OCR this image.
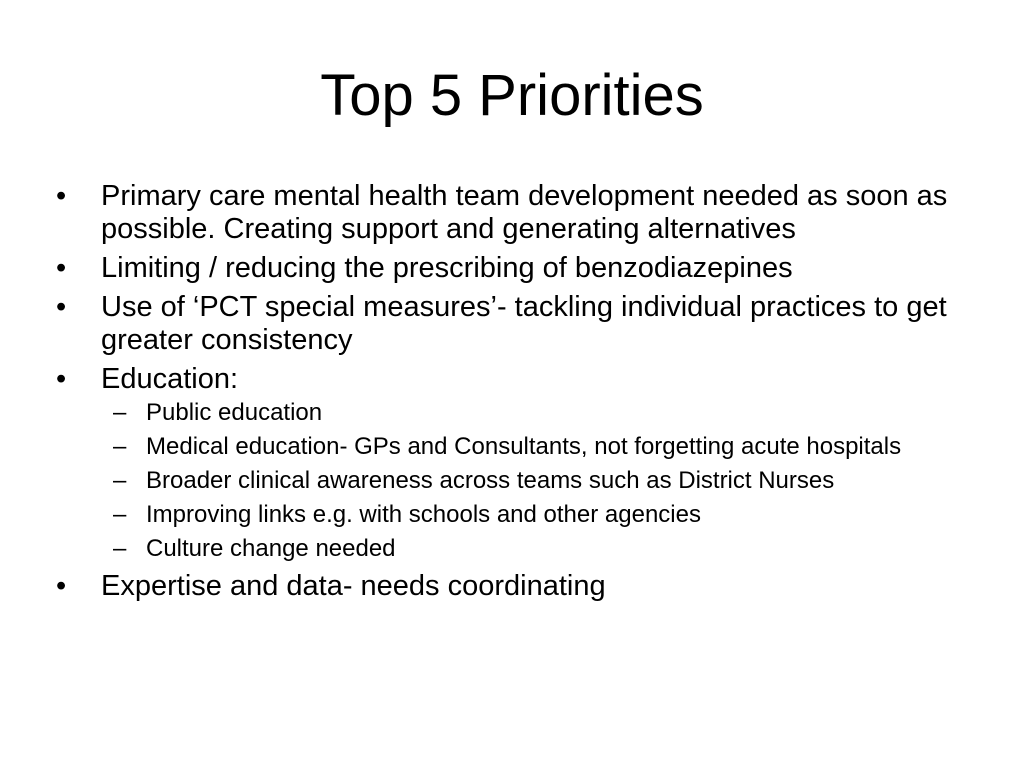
Top 5 Priorities
•	Primary care mental health team development needed as soon as possible. Creating support and generating alternatives
•	Limiting / reducing the prescribing of benzodiazepines
•	Use of ‘PCT special measures’- tackling individual practices to get greater consistency
•	Education:
– Public education
– Medical education- GPs and Consultants, not forgetting acute hospitals
– Broader clinical awareness across teams such as District Nurses
– Improving links e.g. with schools and other agencies
– Culture change needed
•	Expertise and data- needs coordinating
